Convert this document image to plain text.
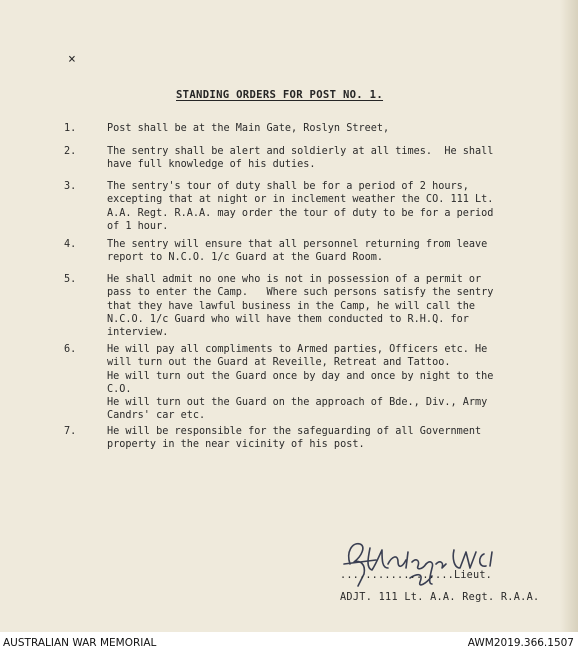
×
STANDING ORDERS FOR POST NO. 1.
1.	Post shall be at the Main Gate, Roslyn Street,
2.	The sentry shall be alert and soldierly at all times.  He shall
have full knowledge of his duties.
3.	The sentry's tour of duty shall be for a period of 2 hours,
excepting that at night or in inclement weather the CO. 111 Lt.
A.A. Regt. R.A.A. may order the tour of duty to be for a period
of 1 hour.
4.	The sentry will ensure that all personnel returning from leave
report to N.C.O. 1/c Guard at the Guard Room.
5.	He shall admit no one who is not in possession of a permit or
pass to enter the Camp.   Where such persons satisfy the sentry
that they have lawful business in the Camp, he will call the
N.C.O. 1/c Guard who will have them conducted to R.H.Q. for
interview.
6.	He will pay all compliments to Armed parties, Officers etc. He
will turn out the Guard at Reveille, Retreat and Tattoo.
He will turn out the Guard once by day and once by night to the
C.O.
He will turn out the Guard on the approach of Bde., Div., Army
Candrs' car etc.
7.	He will be responsible for the safeguarding of all Government
property in the near vicinity of his post.
..................Lieut.
ADJT. 111 Lt. A.A. Regt. R.A.A.
AUSTRALIAN WAR MEMORIAL	AWM2019.366.1507
